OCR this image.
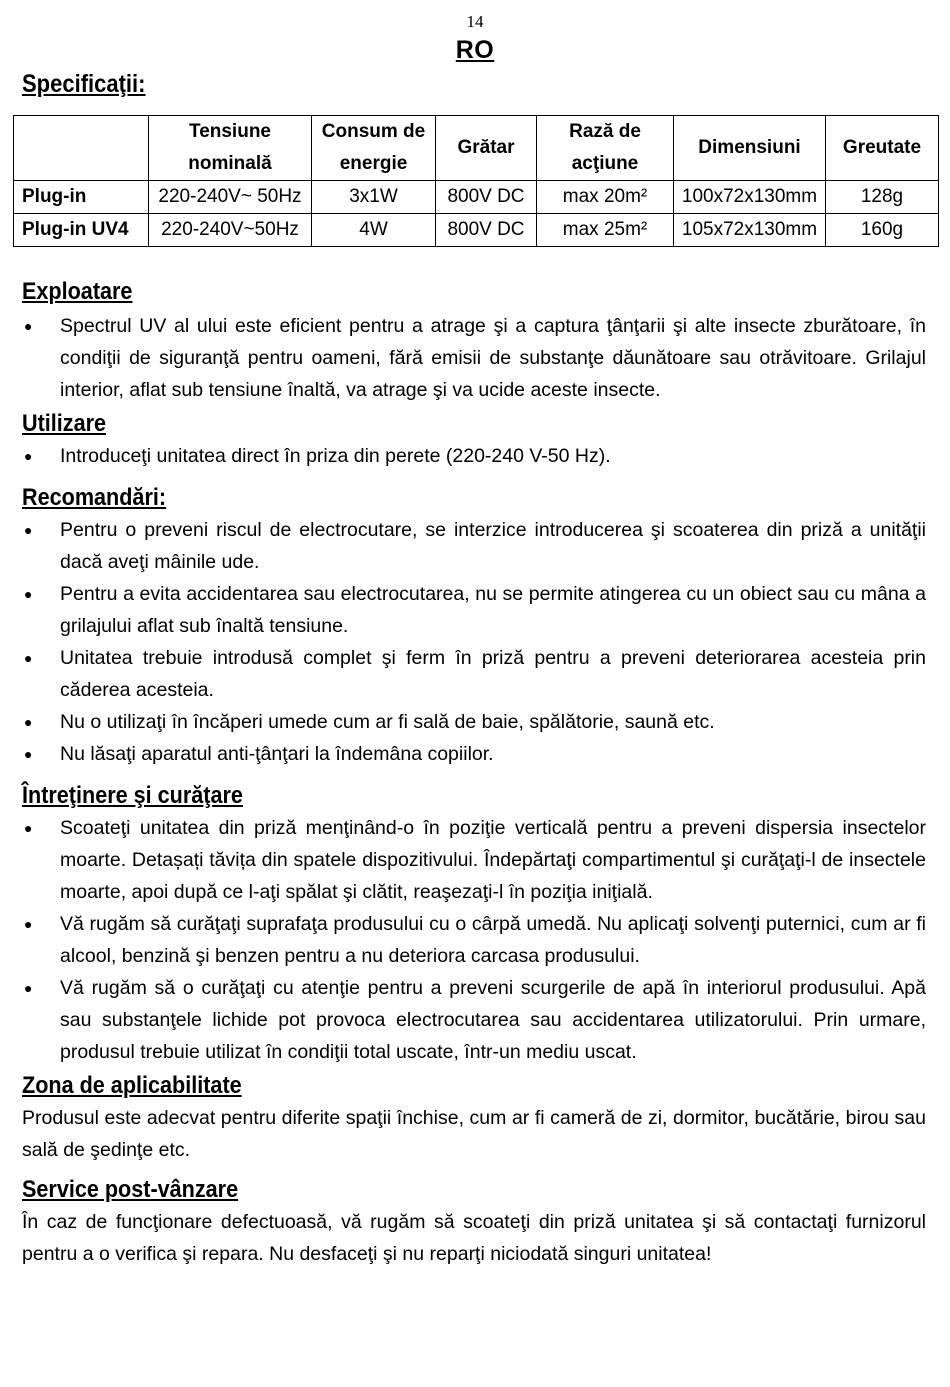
14
RO
Specificaţii:
	Tensiune nominală	Consum de energie	Grătar	Rază de acţiune	Dimensiuni	Greutate
Plug-in	220-240V~ 50Hz	3x1W	800V DC	max 20m²	100x72x130mm	128g
Plug-in UV4	220-240V~50Hz	4W	800V DC	max 25m²	105x72x130mm	160g
Exploatare
● Spectrul UV al ului este eficient pentru a atrage şi a captura ţânţarii şi alte insecte zburătoare, în condiţii de siguranţă pentru oameni, fără emisii de substanţe dăunătoare sau otrăvitoare. Grilajul interior, aflat sub tensiune înaltă, va atrage şi va ucide aceste insecte.
Utilizare
● Introduceţi unitatea direct în priza din perete (220-240 V-50 Hz).
Recomandări:
● Pentru o preveni riscul de electrocutare, se interzice introducerea şi scoaterea din priză a unităţii dacă aveţi mâinile ude.
● Pentru a evita accidentarea sau electrocutarea, nu se permite atingerea cu un obiect sau cu mâna a grilajului aflat sub înaltă tensiune.
● Unitatea trebuie introdusă complet şi ferm în priză pentru a preveni deteriorarea acesteia prin căderea acesteia.
● Nu o utilizaţi în încăperi umede cum ar fi sală de baie, spălătorie, saună etc.
● Nu lăsaţi aparatul anti-ţânţari la îndemâna copiilor.
Întreţinere şi curăţare
● Scoateţi unitatea din priză menţinând-o în poziţie verticală pentru a preveni dispersia insectelor moarte. Detașați tăvița din spatele dispozitivului. Îndepărtaţi compartimentul şi curăţaţi-l de insectele moarte, apoi după ce l-aţi spălat şi clătit, reaşezaţi-l în poziţia iniţială.
● Vă rugăm să curăţaţi suprafaţa produsului cu o cârpă umedă. Nu aplicaţi solvenţi puternici, cum ar fi alcool, benzină şi benzen pentru a nu deteriora carcasa produsului.
● Vă rugăm să o curăţaţi cu atenţie pentru a preveni scurgerile de apă în interiorul produsului. Apă sau substanţele lichide pot provoca electrocutarea sau accidentarea utilizatorului. Prin urmare, produsul trebuie utilizat în condiţii total uscate, într-un mediu uscat.
Zona de aplicabilitate

Produsul este adecvat pentru diferite spaţii închise, cum ar fi cameră de zi, dormitor, bucătărie, birou sau sală de şedinţe etc.

Service post-vânzare

În caz de funcţionare defectuoasă, vă rugăm să scoateţi din priză unitatea şi să contactaţi furnizorul pentru a o verifica şi repara. Nu desfaceţi şi nu reparţi niciodată singuri unitatea!
